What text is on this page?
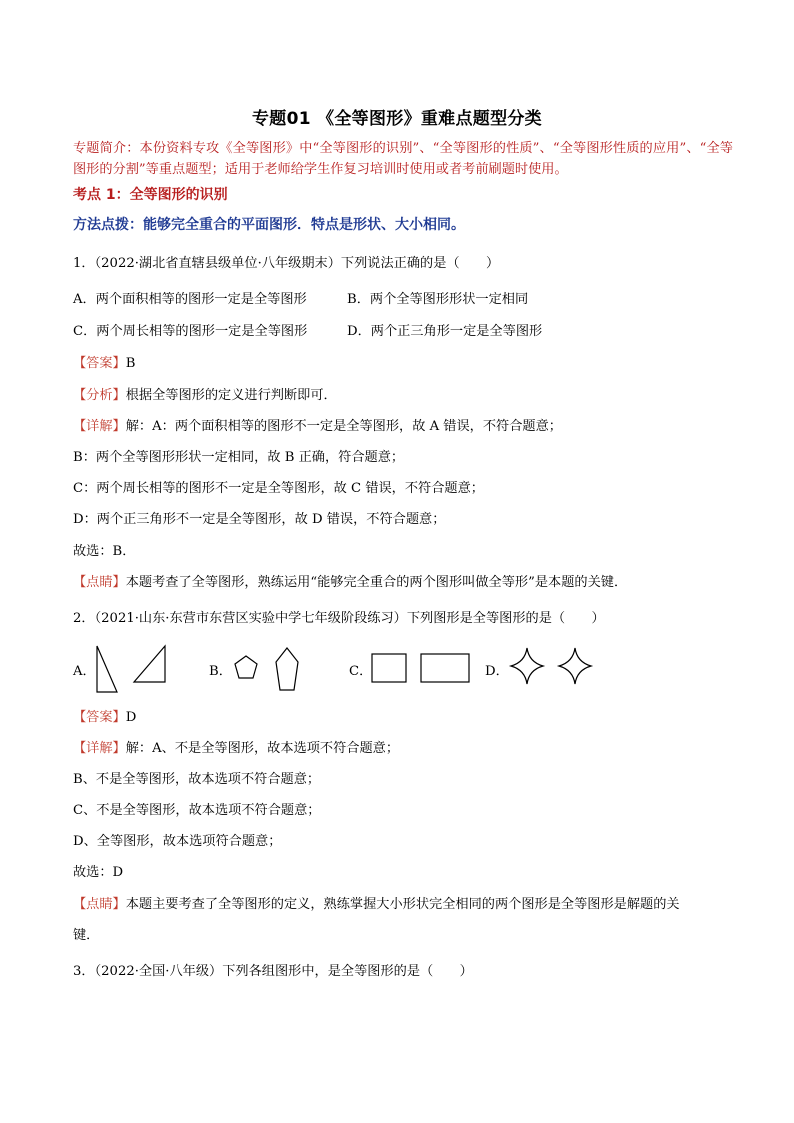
专题01 《全等图形》重难点题型分类
专题简介：本份资料专攻《全等图形》中“全等图形的识别”、“全等图形的性质”、“全等图形性质的应用”、“全等图形的分割”等重点题型；适用于老师给学生作复习培训时使用或者考前刷题时使用。
考点 1：全等图形的识别
方法点拨：能够完全重合的平面图形．特点是形状、大小相同。
1．（2022·湖北省直辖县级单位·八年级期末）下列说法正确的是（　　）
A．两个面积相等的图形一定是全等图形	B．两个全等图形形状一定相同
C．两个周长相等的图形一定是全等图形	D．两个正三角形一定是全等图形
【答案】B
【分析】根据全等图形的定义进行判断即可．
【详解】解：A：两个面积相等的图形不一定是全等图形，故 A 错误，不符合题意；
B：两个全等图形形状一定相同，故 B 正确，符合题意；
C：两个周长相等的图形不一定是全等图形，故 C 错误，不符合题意；
D：两个正三角形不一定是全等图形，故 D 错误，不符合题意；
故选：B．
【点睛】本题考查了全等图形，熟练运用“能够完全重合的两个图形叫做全等形”是本题的关键．
2．（2021·山东·东营市东营区实验中学七年级阶段练习）下列图形是全等图形的是（　　）
A．	B．	C．	D．
【答案】D
【详解】解：A、不是全等图形，故本选项不符合题意；
B、不是全等图形，故本选项不符合题意；
C、不是全等图形，故本选项不符合题意；
D、全等图形，故本选项符合题意；
故选：D
【点睛】本题主要考查了全等图形的定义，熟练掌握大小形状完全相同的两个图形是全等图形是解题的关
键．
3．（2022·全国·八年级）下列各组图形中，是全等图形的是（　　）
